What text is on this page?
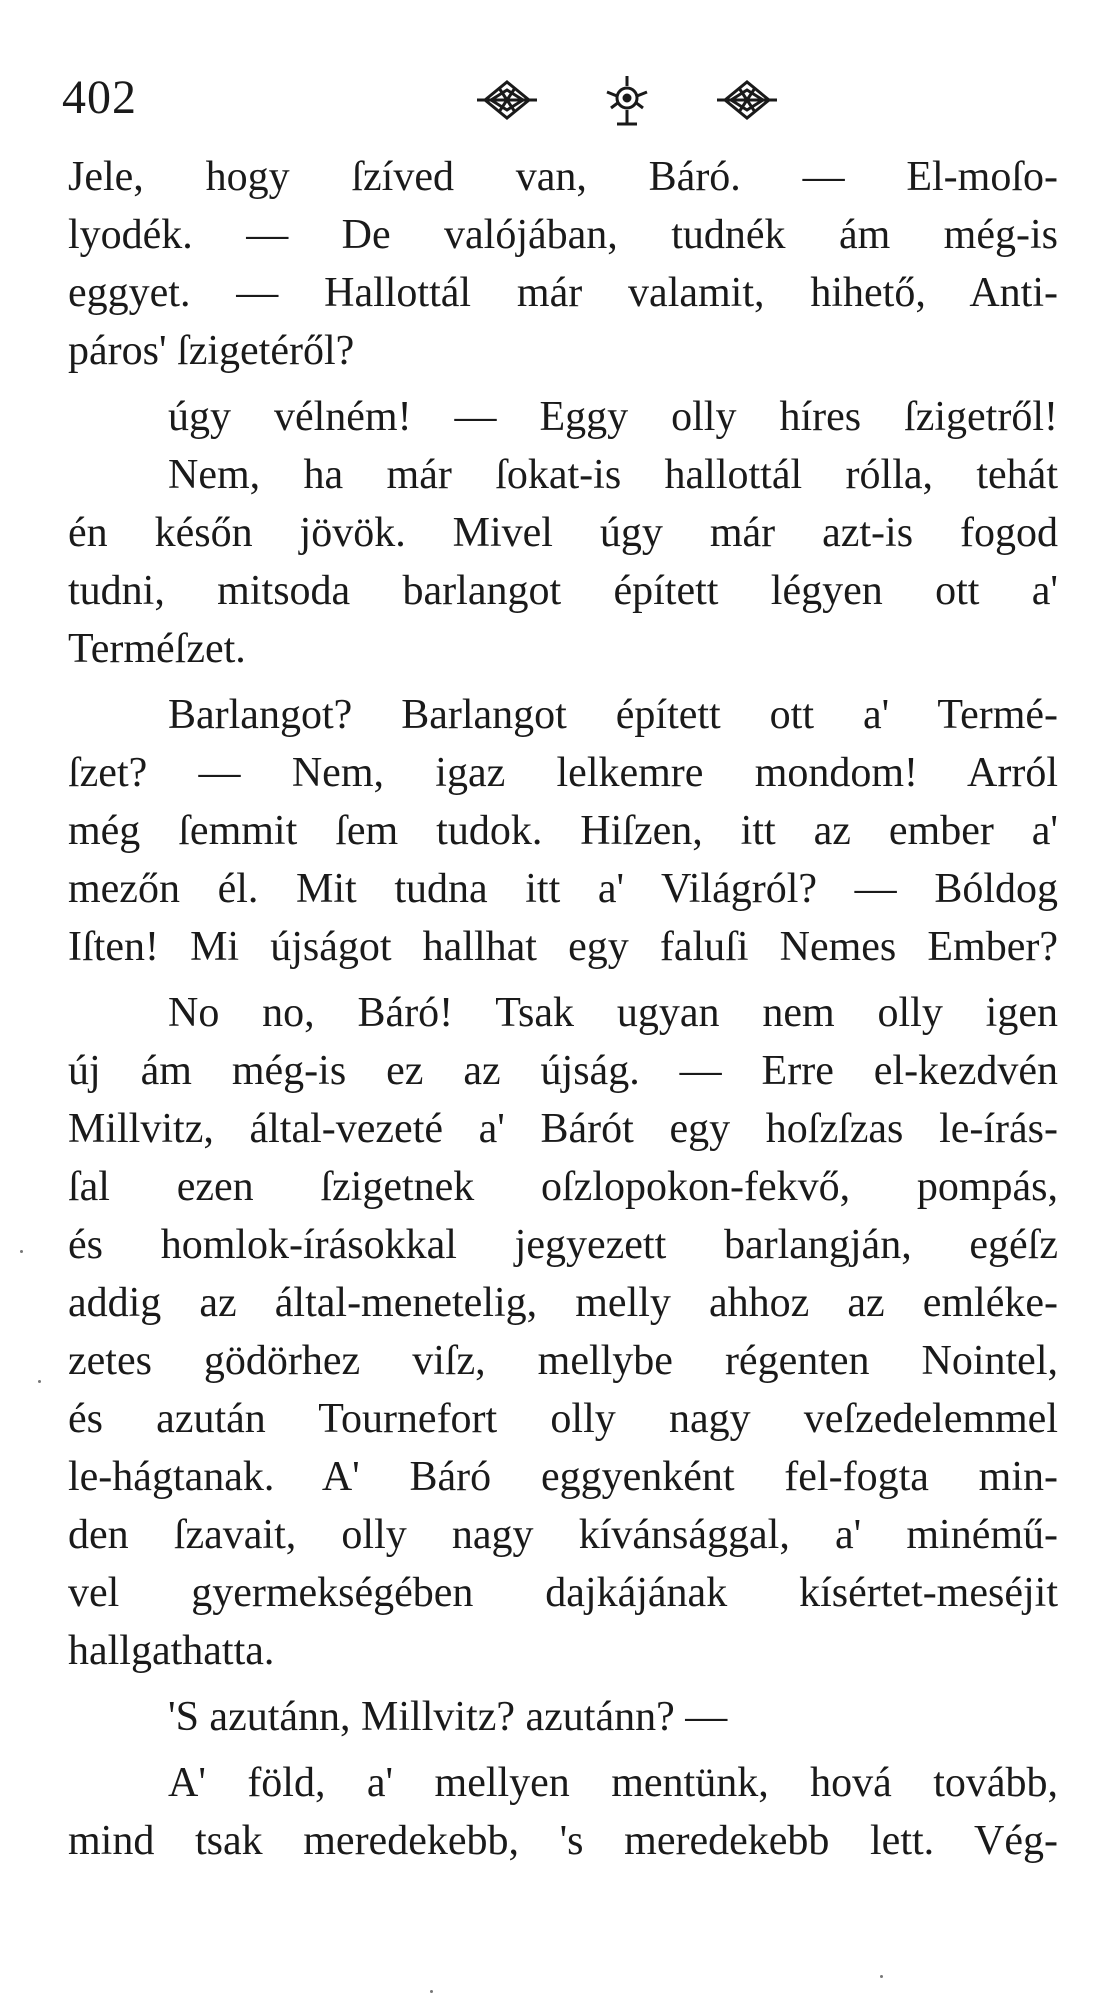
402
Jele, hogy ſzíved van, Báró. — El-moſo-
lyodék. — De valójában, tudnék ám még-is
eggyet. — Hallottál már valamit, hihető, Anti-
páros' ſzigetéről?
úgy vélném! — Eggy olly híres ſzigetről!
Nem, ha már ſokat-is hallottál rólla, tehát
én későn jövök. Mivel úgy már azt-is fogod
tudni, mitsoda barlangot épített légyen ott a'
Terméſzet.
Barlangot? Barlangot épített ott a' Termé-
ſzet? — Nem, igaz lelkemre mondom! Arról
még ſemmit ſem tudok. Hiſzen, itt az ember a'
mezőn él. Mit tudna itt a' Világról? — Bóldog
Iſten! Mi újságot hallhat egy faluſi Nemes Ember?
No no, Báró! Tsak ugyan nem olly igen
új ám még-is ez az újság. — Erre el-kezdvén
Millvitz, által-vezeté a' Bárót egy hoſzſzas le-írás-
ſal ezen ſzigetnek oſzlopokon-fekvő, pompás,
és homlok-írásokkal jegyezett barlangján, egéſz
addig az által-menetelig, melly ahhoz az emléke-
zetes gödörhez viſz, mellybe régenten Nointel,
és azután Tournefort olly nagy veſzedelemmel
le-hágtanak. A' Báró eggyenként fel-fogta min-
den ſzavait, olly nagy kívánsággal, a' minémű-
vel gyermekségében dajkájának kísértet-meséjit
hallgathatta.
'S azutánn, Millvitz? azutánn? —
A' föld, a' mellyen mentünk, hová tovább,
mind tsak meredekebb, 's meredekebb lett. Vég-
